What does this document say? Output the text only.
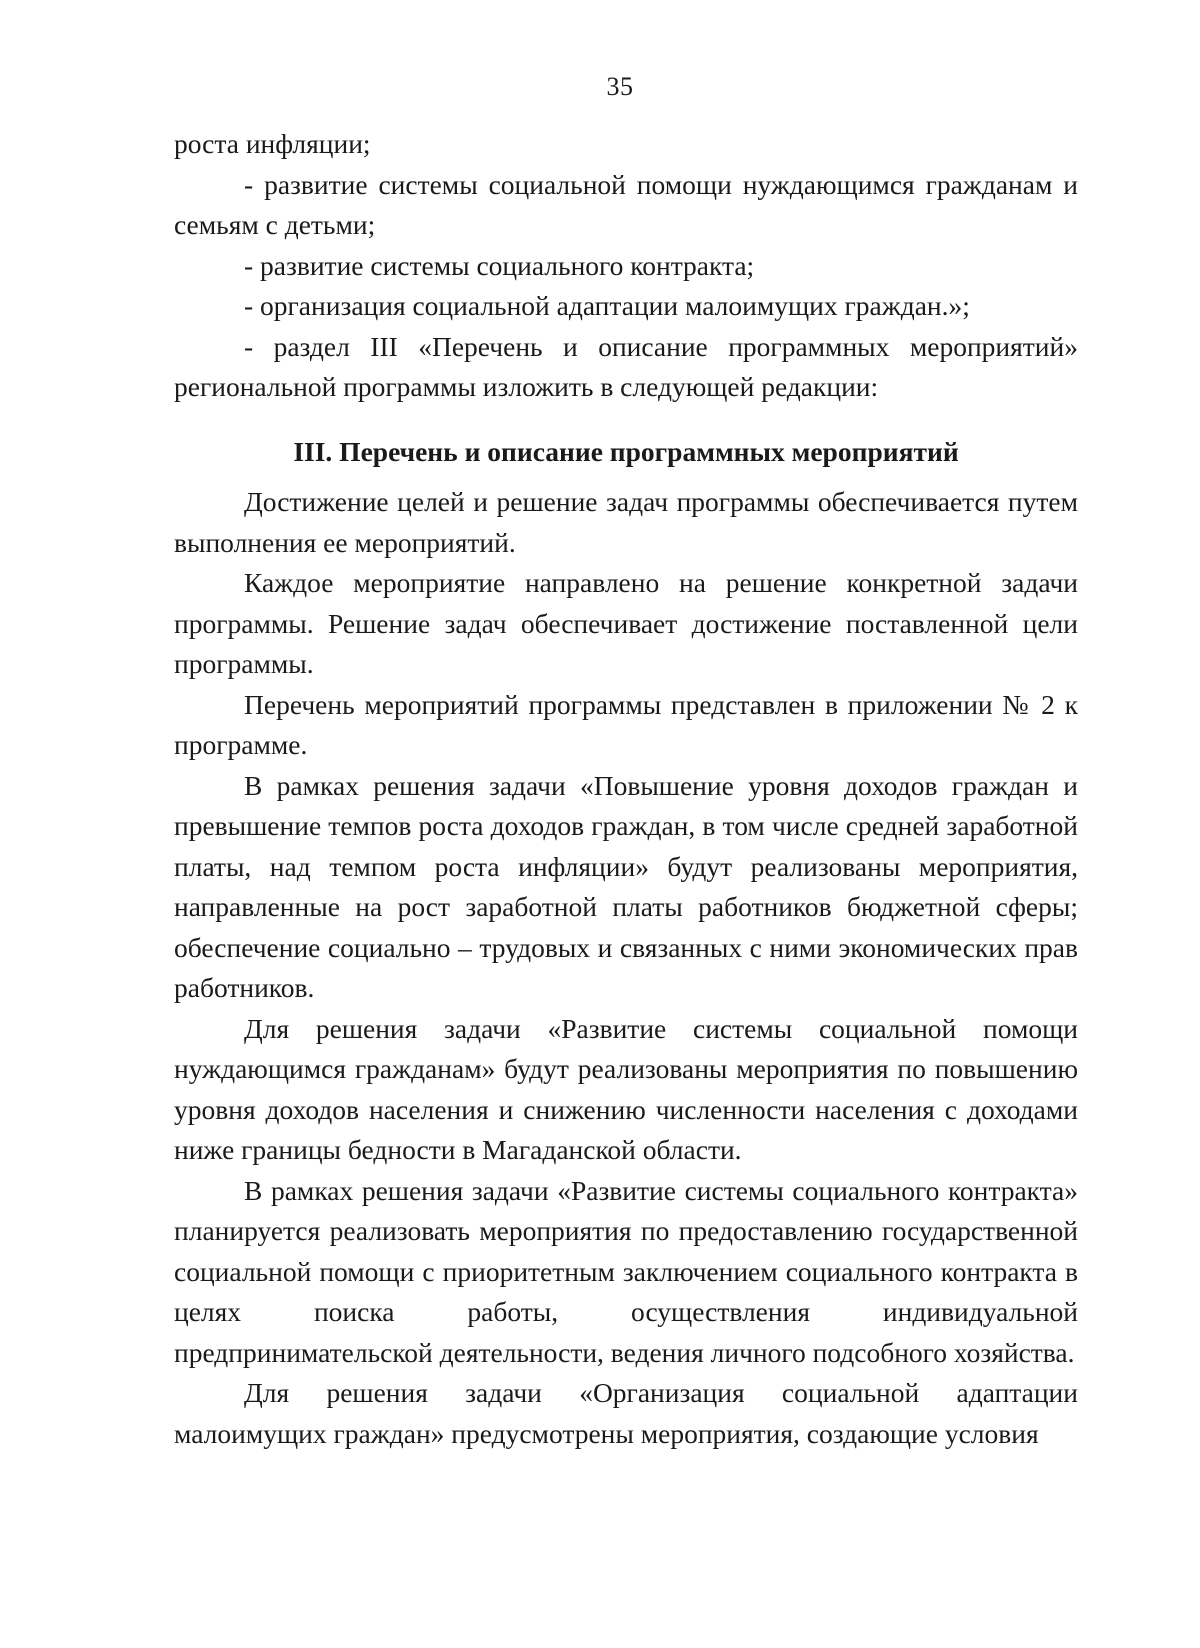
35

роста инфляции;

- развитие системы социальной помощи нуждающимся гражданам и семьям с детьми;

- развитие системы социального контракта;

- организация социальной адаптации малоимущих граждан.»;

- раздел III «Перечень и описание программных мероприятий» региональной программы изложить в следующей редакции:

III. Перечень и описание программных мероприятий

Достижение целей и решение задач программы обеспечивается путем выполнения ее мероприятий.

Каждое мероприятие направлено на решение конкретной задачи программы. Решение задач обеспечивает достижение поставленной цели программы.

Перечень мероприятий программы представлен в приложении № 2 к программе.

В рамках решения задачи «Повышение уровня доходов граждан и превышение темпов роста доходов граждан, в том числе средней заработной платы, над темпом роста инфляции» будут реализованы мероприятия, направленные на рост заработной платы работников бюджетной сферы; обеспечение социально – трудовых и связанных с ними экономических прав работников.

Для решения задачи «Развитие системы социальной помощи нуждающимся гражданам» будут реализованы мероприятия по повышению уровня доходов населения и снижению численности населения с доходами ниже границы бедности в Магаданской области.

В рамках решения задачи «Развитие системы социального контракта» планируется реализовать мероприятия по предоставлению государственной социальной помощи с приоритетным заключением социального контракта в целях поиска работы, осуществления индивидуальной предпринимательской деятельности, ведения личного подсобного хозяйства.

Для решения задачи «Организация социальной адаптации малоимущих граждан» предусмотрены мероприятия, создающие условия
